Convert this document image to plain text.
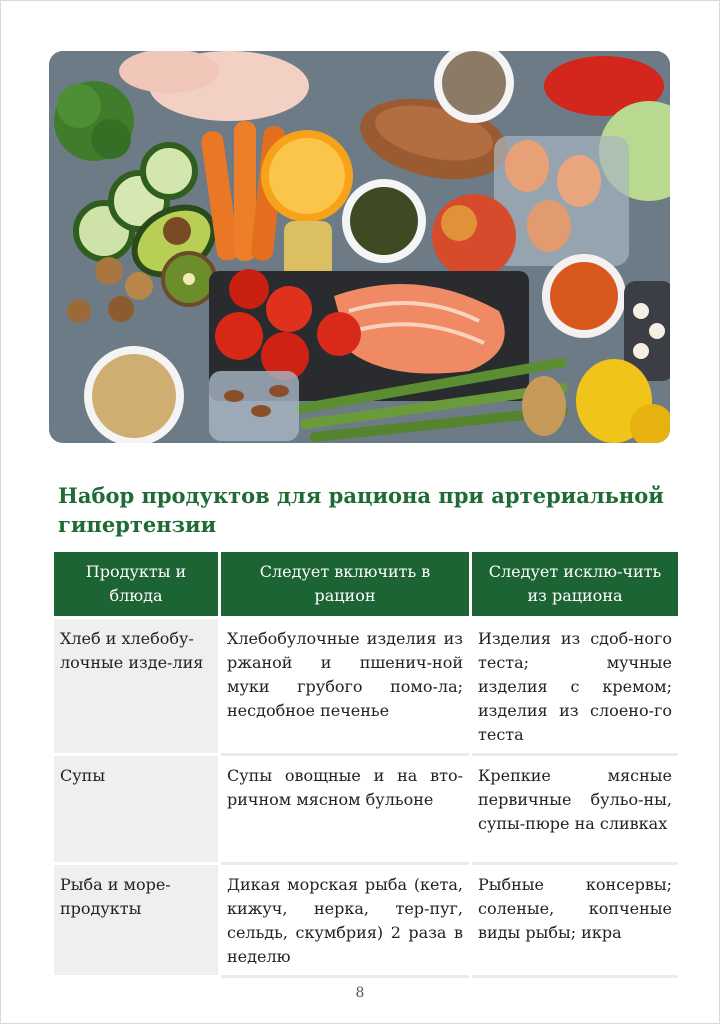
Набор продуктов для рациона при артериальной гипертензии
Продукты и блюда	Следует включить в рацион	Следует исклю-чить из рациона
Хлеб и хлебобу-лочные изде-лия	Хлебобулочные изделия из ржаной и пшенич-ной муки грубого помо-ла; несдобное печенье	Изделия из сдоб-ного теста; мучные изделия с кремом; изделия из слоено-го теста
Супы	Супы овощные и на вто-ричном мясном бульоне	Крепкие мясные первичные бульо-ны, супы-пюре на сливках
Рыба и море-продукты	Дикая морская рыба (кета, кижуч, нерка, тер-пуг, сельдь, скумбрия) 2 раза в неделю	Рыбные консервы; соленые, копченые виды рыбы; икра
8
